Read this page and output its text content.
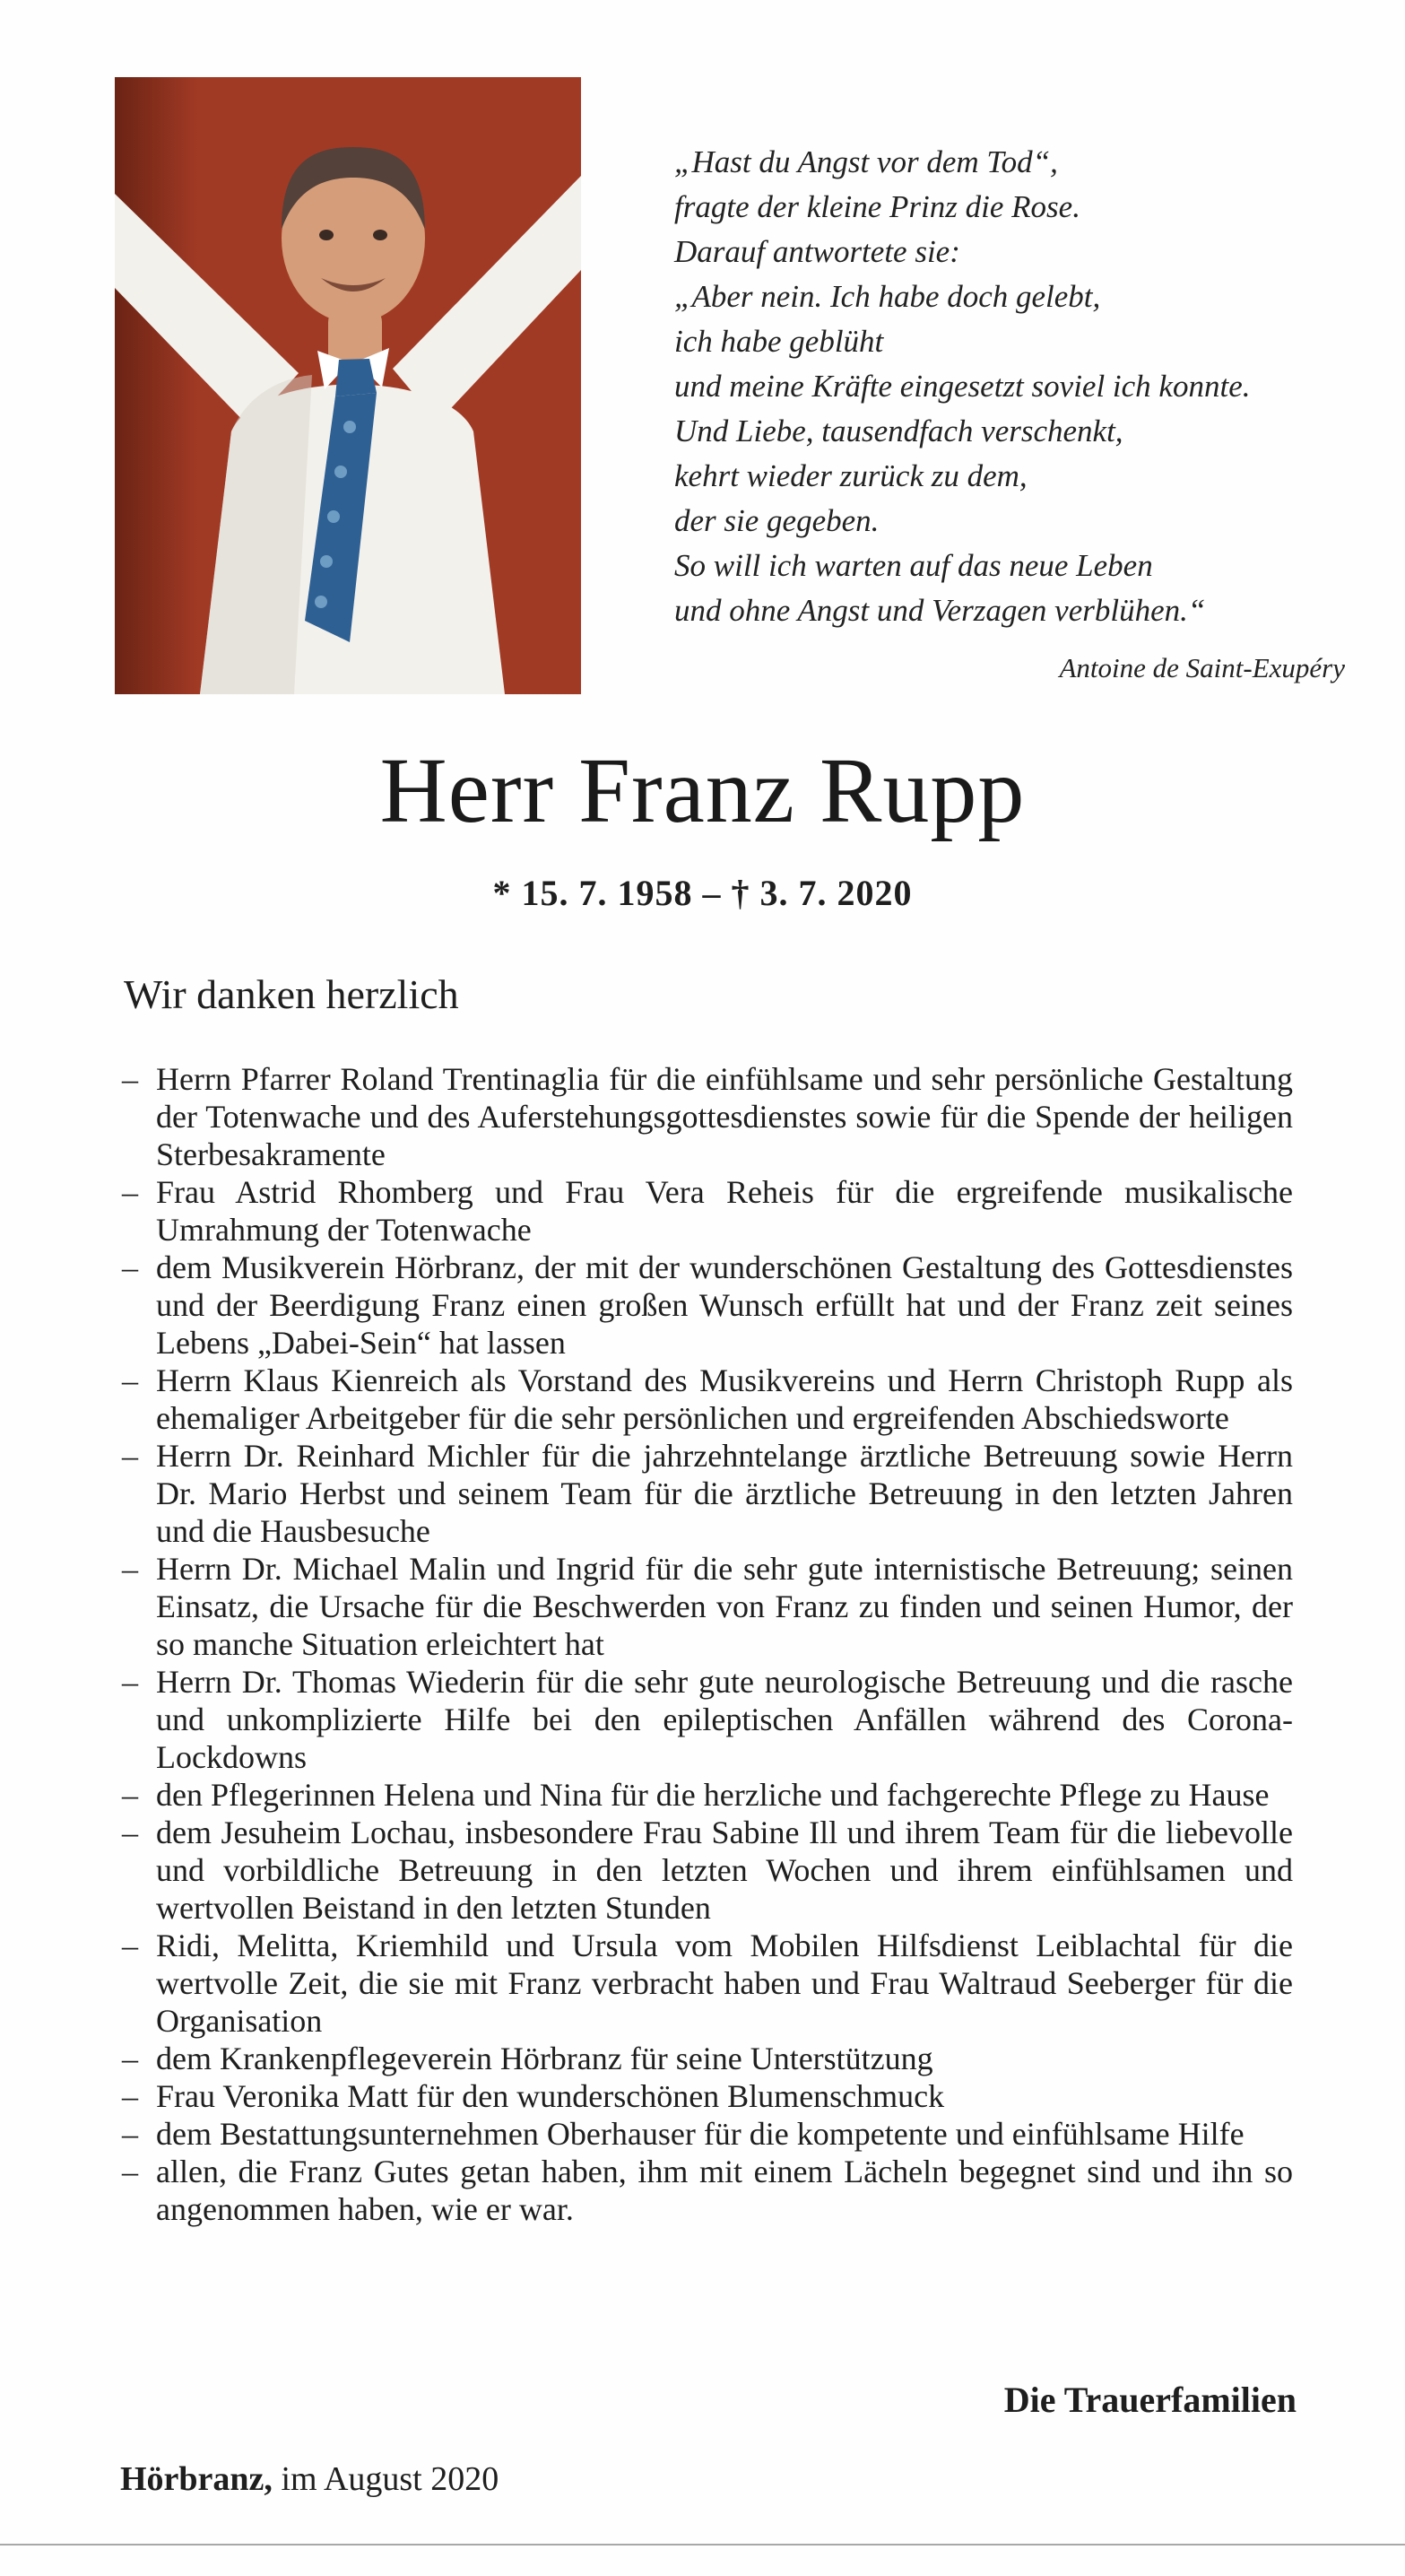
„Hast du Angst vor dem Tod“,
fragte der kleine Prinz die Rose.
Darauf antwortete sie:
„Aber nein. Ich habe doch gelebt,
ich habe geblüht
und meine Kräfte eingesetzt soviel ich konnte.
Und Liebe, tausendfach verschenkt,
kehrt wieder zurück zu dem,
der sie gegeben.
So will ich warten auf das neue Leben
und ohne Angst und Verzagen verblühen.“
Antoine de Saint-Exupéry
Herr Franz Rupp
* 15. 7. 1958 – † 3. 7. 2020
Wir danken herzlich
– Herrn Pfarrer Roland Trentinaglia für die einfühlsame und sehr persönliche Gestaltung der Totenwache und des Auferstehungsgottesdienstes sowie für die Spende der heiligen Sterbesakramente
– Frau Astrid Rhomberg und Frau Vera Reheis für die ergreifende musikalische Umrahmung der Totenwache
– dem Musikverein Hörbranz, der mit der wunderschönen Gestaltung des Gottesdienstes und der Beerdigung Franz einen großen Wunsch erfüllt hat und der Franz zeit seines Lebens „Dabei-Sein“ hat lassen
– Herrn Klaus Kienreich als Vorstand des Musikvereins und Herrn Christoph Rupp als ehemaliger Arbeitgeber für die sehr persönlichen und ergreifenden Abschiedsworte
– Herrn Dr. Reinhard Michler für die jahrzehntelange ärztliche Betreuung sowie Herrn Dr. Mario Herbst und seinem Team für die ärztliche Betreuung in den letzten Jahren und die Hausbesuche
– Herrn Dr. Michael Malin und Ingrid für die sehr gute internistische Betreuung; seinen Einsatz, die Ursache für die Beschwerden von Franz zu finden und seinen Humor, der so manche Situation erleichtert hat
– Herrn Dr. Thomas Wiederin für die sehr gute neurologische Betreuung und die rasche und unkomplizierte Hilfe bei den epileptischen Anfällen während des Corona-Lockdowns
– den Pflegerinnen Helena und Nina für die herzliche und fachgerechte Pflege zu Hause
– dem Jesuheim Lochau, insbesondere Frau Sabine Ill und ihrem Team für die liebevolle und vorbildliche Betreuung in den letzten Wochen und ihrem einfühlsamen und wertvollen Beistand in den letzten Stunden
– Ridi, Melitta, Kriemhild und Ursula vom Mobilen Hilfsdienst Leiblachtal für die wertvolle Zeit, die sie mit Franz verbracht haben und Frau Waltraud Seeberger für die Organisation
– dem Krankenpflegeverein Hörbranz für seine Unterstützung
– Frau Veronika Matt für den wunderschönen Blumenschmuck
– dem Bestattungsunternehmen Oberhauser für die kompetente und einfühlsame Hilfe
– allen, die Franz Gutes getan haben, ihm mit einem Lächeln begegnet sind und ihn so angenommen haben, wie er war.
Die Trauerfamilien
Hörbranz, im August 2020
